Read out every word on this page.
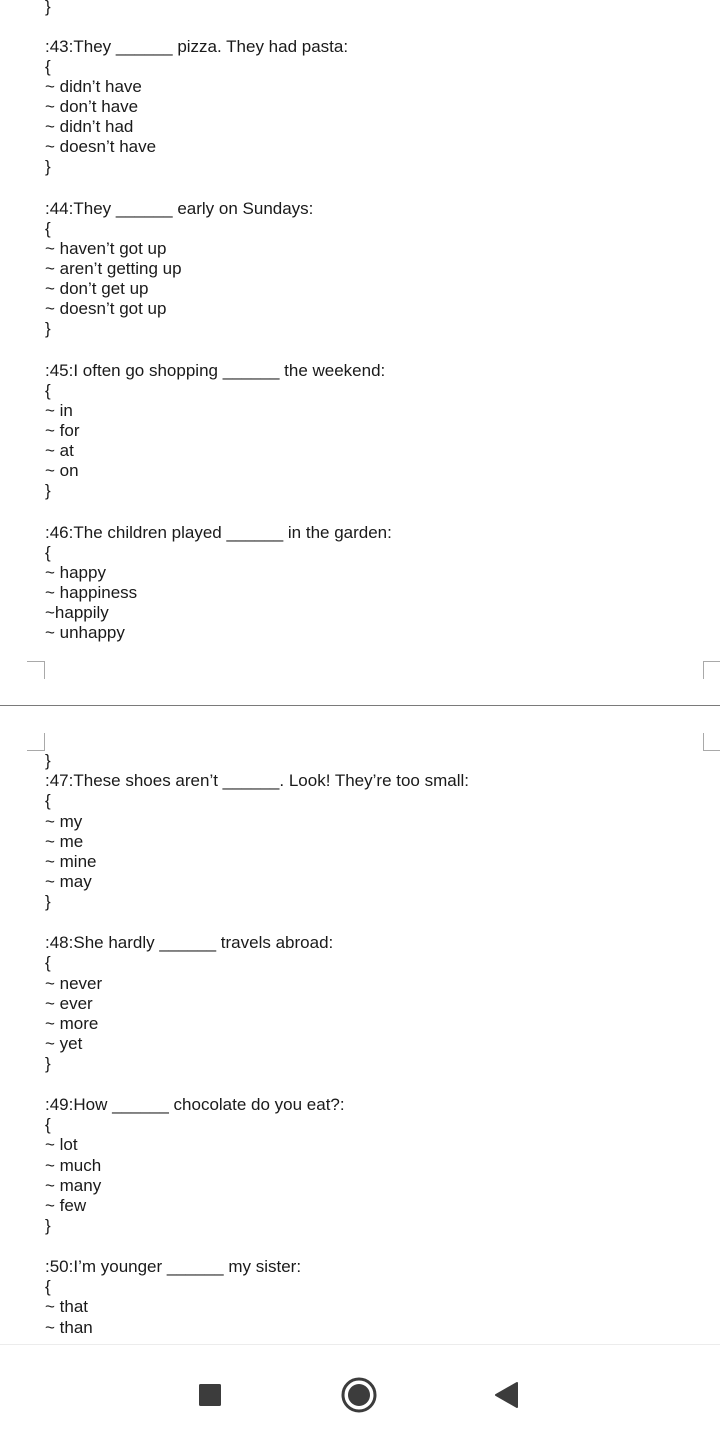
}
:43:They ______ pizza. They had pasta:
{
~ didn’t have
~ don’t have
~ didn’t had
~ doesn’t have
}
:44:They ______ early on Sundays:
{
~ haven’t got up
~ aren’t getting up
~ don’t get up
~ doesn’t got up
}
:45:I often go shopping ______ the weekend:
{
~ in
~ for
~ at
~ on
}
:46:The children played ______ in the garden:
{
~ happy
~ happiness
~happily
~ unhappy
}
:47:These shoes aren’t ______. Look! They’re too small:
{
~ my
~ me
~ mine
~ may
}
:48:She hardly ______ travels abroad:
{
~ never
~ ever
~ more
~ yet
}
:49:How ______ chocolate do you eat?:
{
~ lot
~ much
~ many
~ few
}
:50:I’m younger ______ my sister:
{
~ that
~ than
